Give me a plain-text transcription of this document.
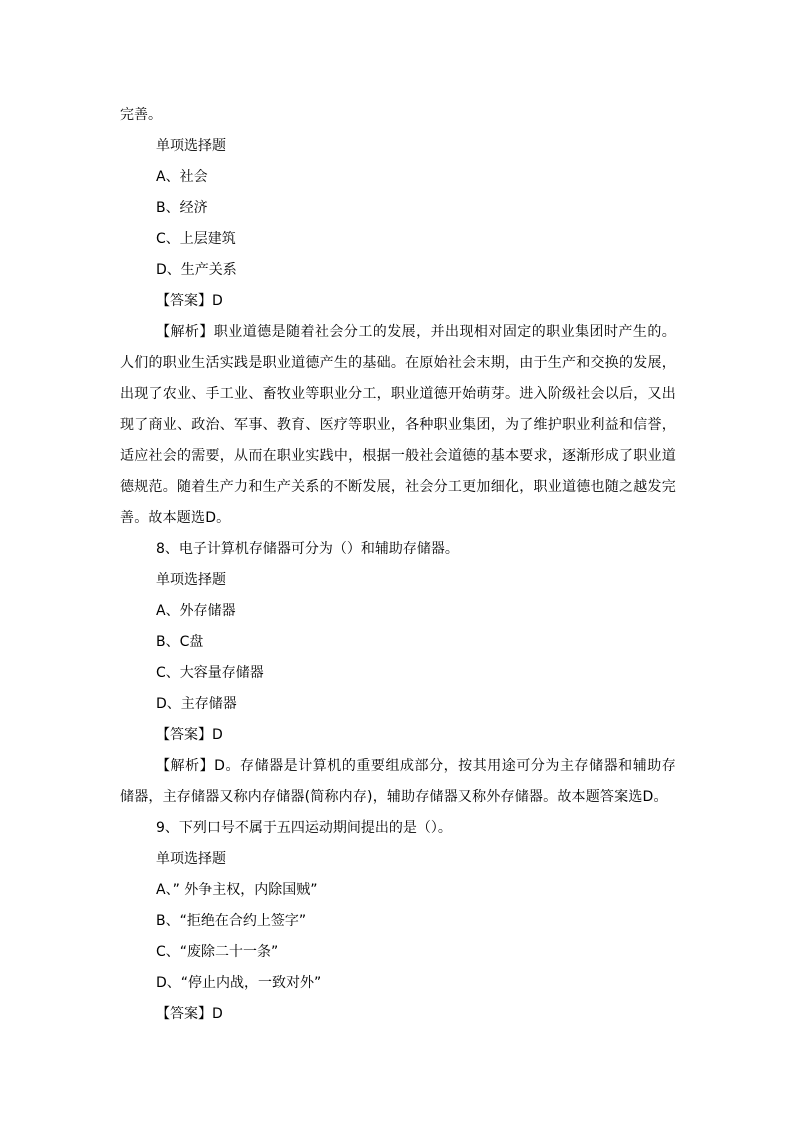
完善。
单项选择题
A、社会
B、经济
C、上层建筑
D、生产关系
【答案】D
【解析】职业道德是随着社会分工的发展，并出现相对固定的职业集团时产生的。人们的职业生活实践是职业道德产生的基础。在原始社会末期，由于生产和交换的发展，出现了农业、手工业、畜牧业等职业分工，职业道德开始萌芽。进入阶级社会以后，又出现了商业、政治、军事、教育、医疗等职业，各种职业集团，为了维护职业利益和信誉，适应社会的需要，从而在职业实践中，根据一般社会道德的基本要求，逐渐形成了职业道德规范。随着生产力和生产关系的不断发展，社会分工更加细化，职业道德也随之越发完善。故本题选D。
8、电子计算机存储器可分为（）和辅助存储器。
单项选择题
A、外存储器
B、C盘
C、大容量存储器
D、主存储器
【答案】D
【解析】D。存储器是计算机的重要组成部分，按其用途可分为主存储器和辅助存储器，主存储器又称内存储器(简称内存)，辅助存储器又称外存储器。故本题答案选D。
9、下列口号不属于五四运动期间提出的是（）。
单项选择题
A、” 外争主权，内除国贼”
B、“拒绝在合约上签字”
C、“废除二十一条”
D、“停止内战，一致对外”
【答案】D
